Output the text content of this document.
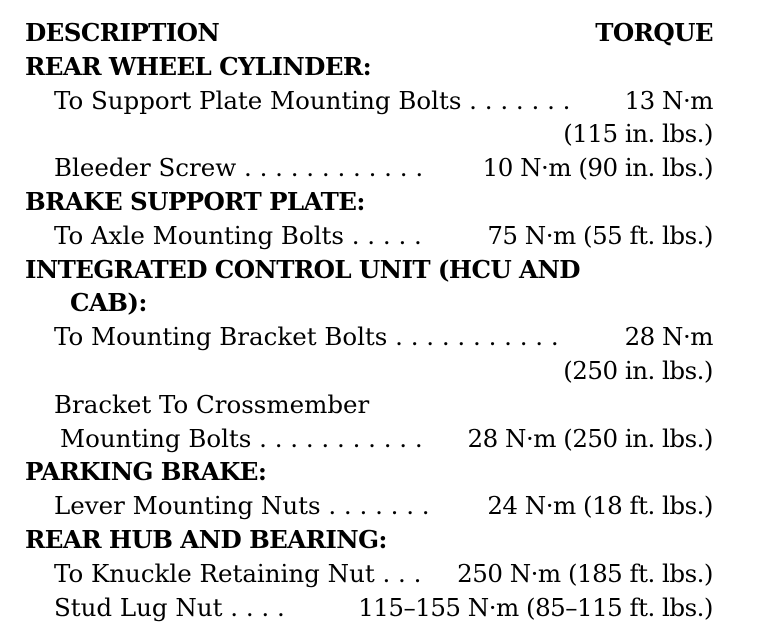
DESCRIPTION	TORQUE
REAR WHEEL CYLINDER:
To Support Plate Mounting Bolts . . . . . . . 13 N·m
(115 in. lbs.)
Bleeder Screw . . . . . . . . . . . . 10 N·m (90 in. lbs.)
BRAKE SUPPORT PLATE:
To Axle Mounting Bolts . . . . .	75 N·m (55 ft. lbs.)
INTEGRATED CONTROL UNIT (HCU AND
CAB):
To Mounting Bracket Bolts . . . . . . . . . . .	28 N·m
(250 in. lbs.)
Bracket To Crossmember
Mounting Bolts . . . . . . . . . . . 28 N·m (250 in. lbs.)
PARKING BRAKE:
Lever Mounting Nuts . . . . . . . 24 N·m (18 ft. lbs.)
REAR HUB AND BEARING:
To Knuckle Retaining Nut . . . 250 N·m (185 ft. lbs.)
Stud Lug Nut . . . .	115–155 N·m (85–115 ft. lbs.)
